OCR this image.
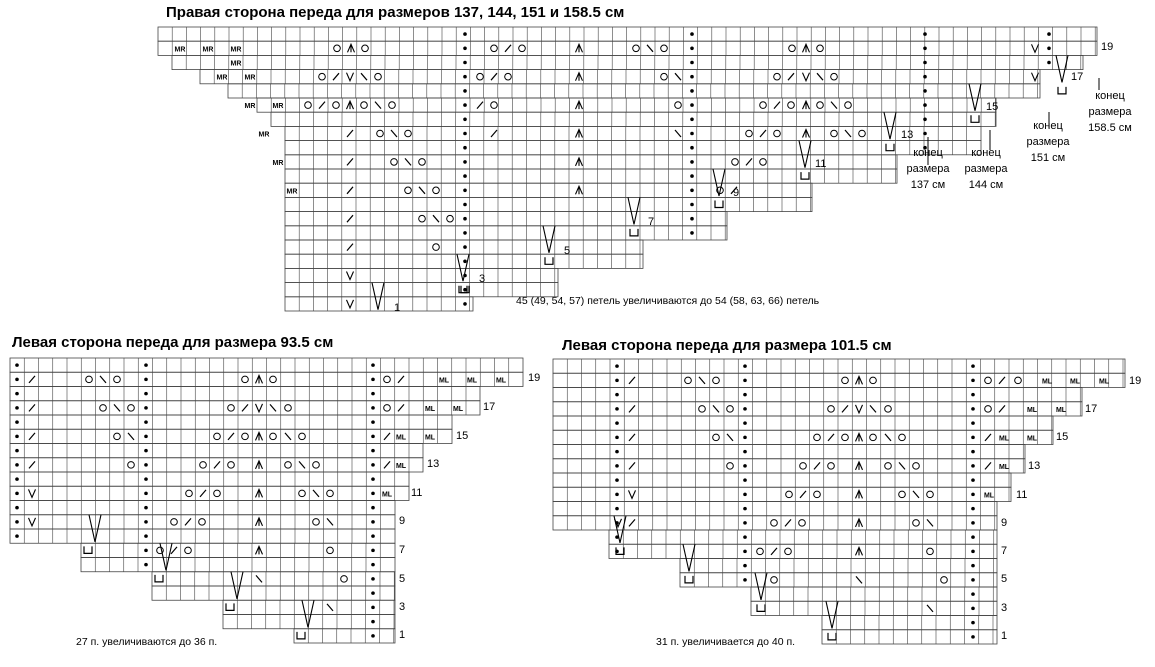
Правая сторона переда для размеров 137, 144, 151 и 158.5 см
MR MR MR
MR
MR MR
MR MR
MR
MR
MR
19
17
15
13
11
9
7
5
3
1
конец
размера
137 см
конец
размера
144 см
конец
размера
151 см
конец
размера
158.5 см
45 (49, 54, 57) петель увеличиваются до 54 (58, 63, 66) петель
Левая сторона переда для размера 93.5 см
ML	ML	ML
ML	ML
ML	ML
ML
ML
19
17
15
13
11
9
7
5
3
1
27 п. увеличиваются до 36 п.
Левая сторона переда для размера 101.5 см
ML	ML	ML
ML	ML
ML	ML
ML
ML
19
17
15
13
11
9
7
5
3
1
31 п. увеличивается до 40 п.
